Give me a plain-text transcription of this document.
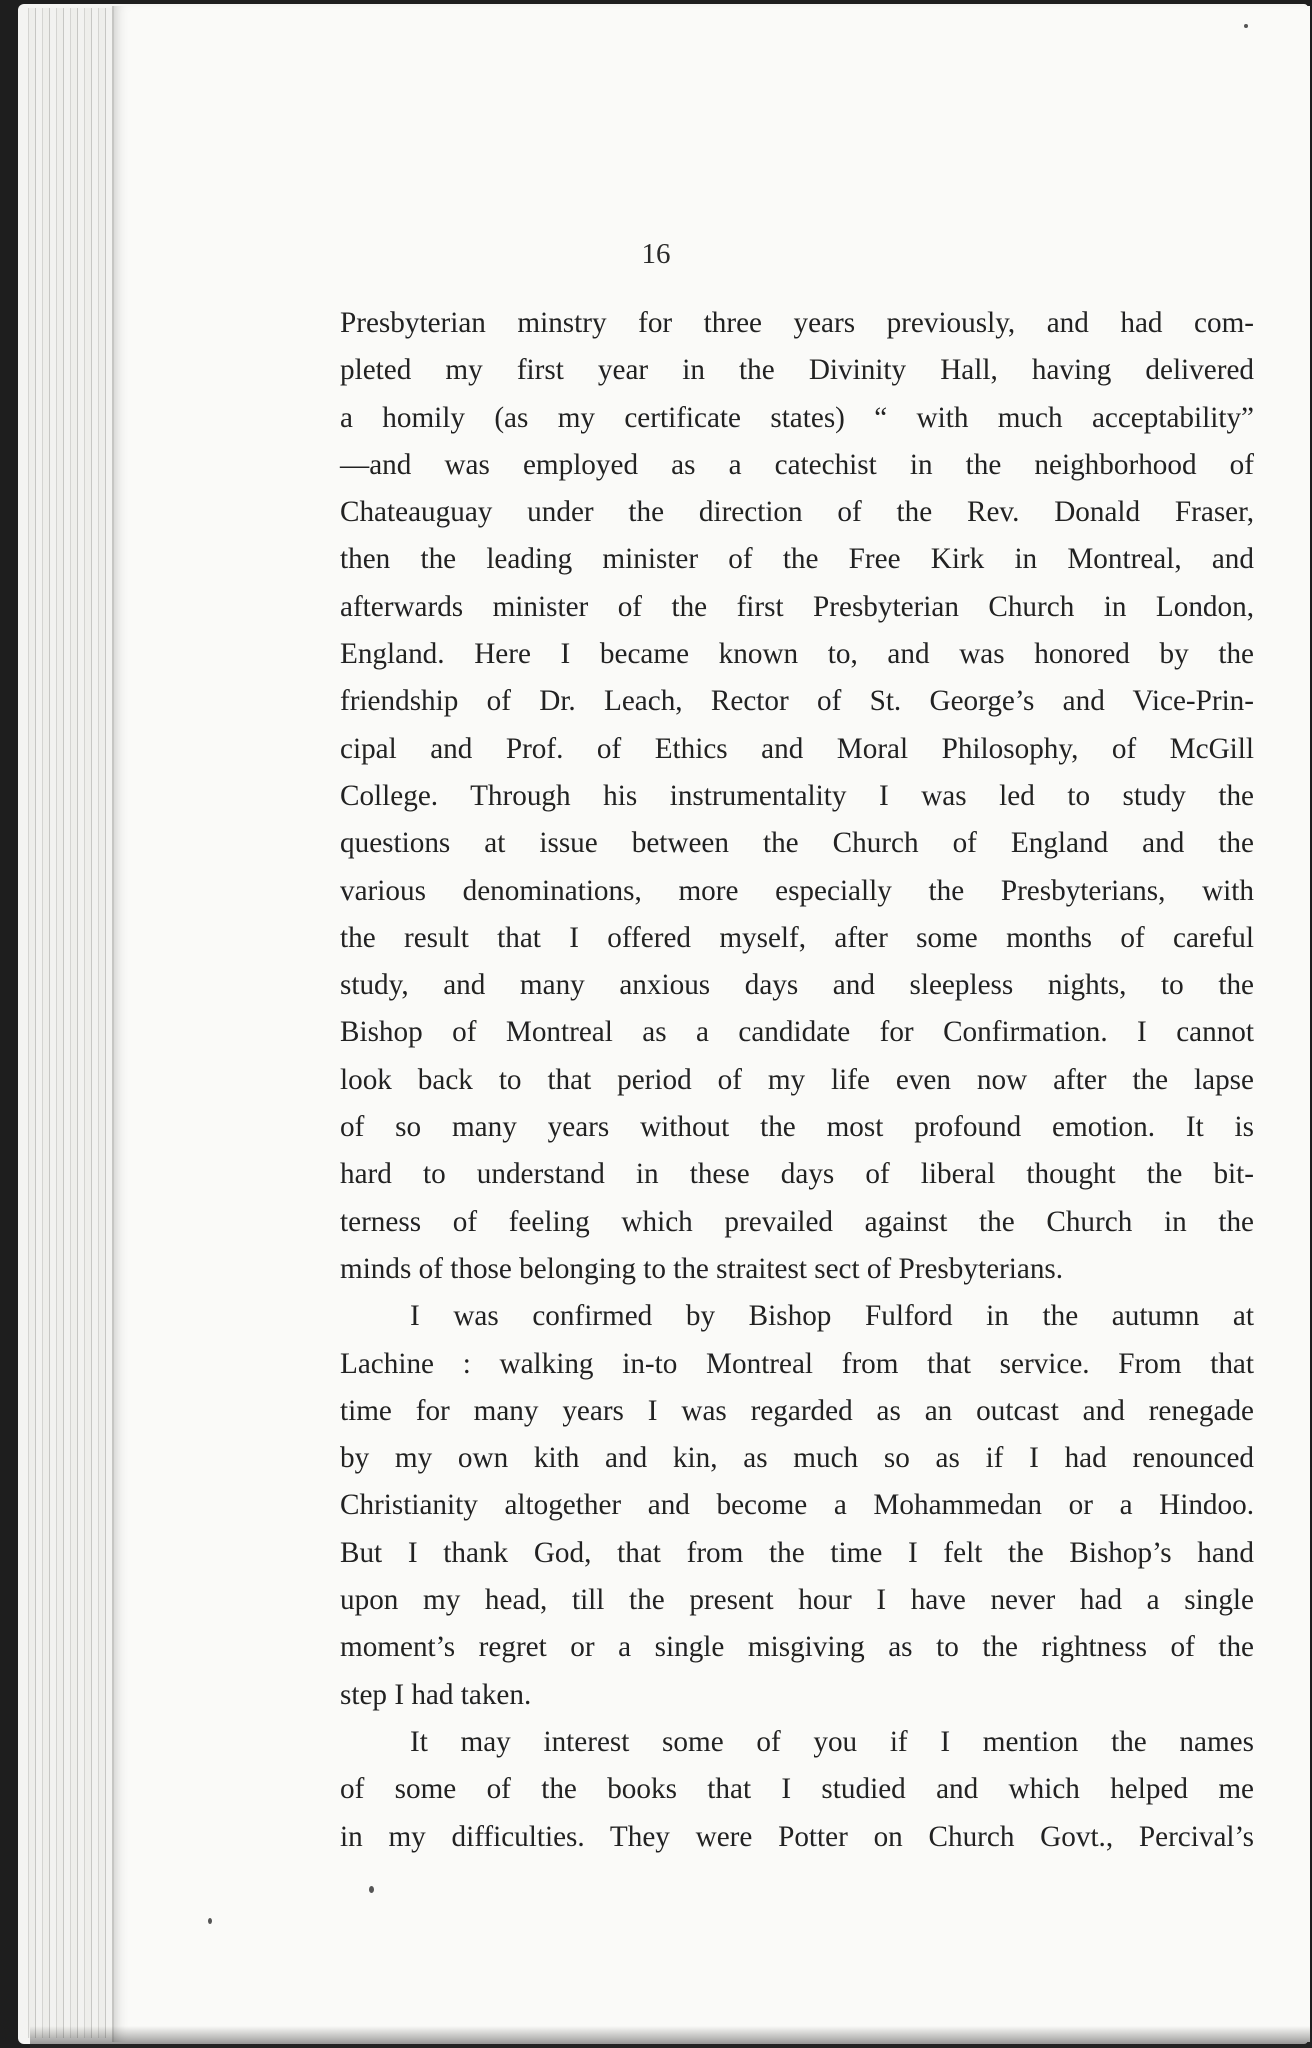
16
Presbyterian minstry for three years previously, and had com-
pleted my first year in the Divinity Hall, having delivered
a homily (as my certificate states) “ with much acceptability”
—and was employed as a catechist in the neighborhood of
Chateauguay under the direction of the Rev. Donald Fraser,
then the leading minister of the Free Kirk in Montreal, and
afterwards minister of the first Presbyterian Church in London,
England. Here I became known to, and was honored by the
friendship of Dr. Leach, Rector of St. George’s and Vice-Prin-
cipal and Prof. of Ethics and Moral Philosophy, of McGill
College. Through his instrumentality I was led to study the
questions at issue between the Church of England and the
various denominations, more especially the Presbyterians, with
the result that I offered myself, after some months of careful
study, and many anxious days and sleepless nights, to the
Bishop of Montreal as a candidate for Confirmation. I cannot
look back to that period of my life even now after the lapse
of so many years without the most profound emotion. It is
hard to understand in these days of liberal thought the bit-
terness of feeling which prevailed against the Church in the
minds of those belonging to the straitest sect of Presbyterians.
I was confirmed by Bishop Fulford in the autumn at
Lachine : walking in-to Montreal from that service. From that
time for many years I was regarded as an outcast and renegade
by my own kith and kin, as much so as if I had renounced
Christianity altogether and become a Mohammedan or a Hindoo.
But I thank God, that from the time I felt the Bishop’s hand
upon my head, till the present hour I have never had a single
moment’s regret or a single misgiving as to the rightness of the
step I had taken.
It may interest some of you if I mention the names
of some of the books that I studied and which helped me
in my difficulties. They were Potter on Church Govt., Percival’s
